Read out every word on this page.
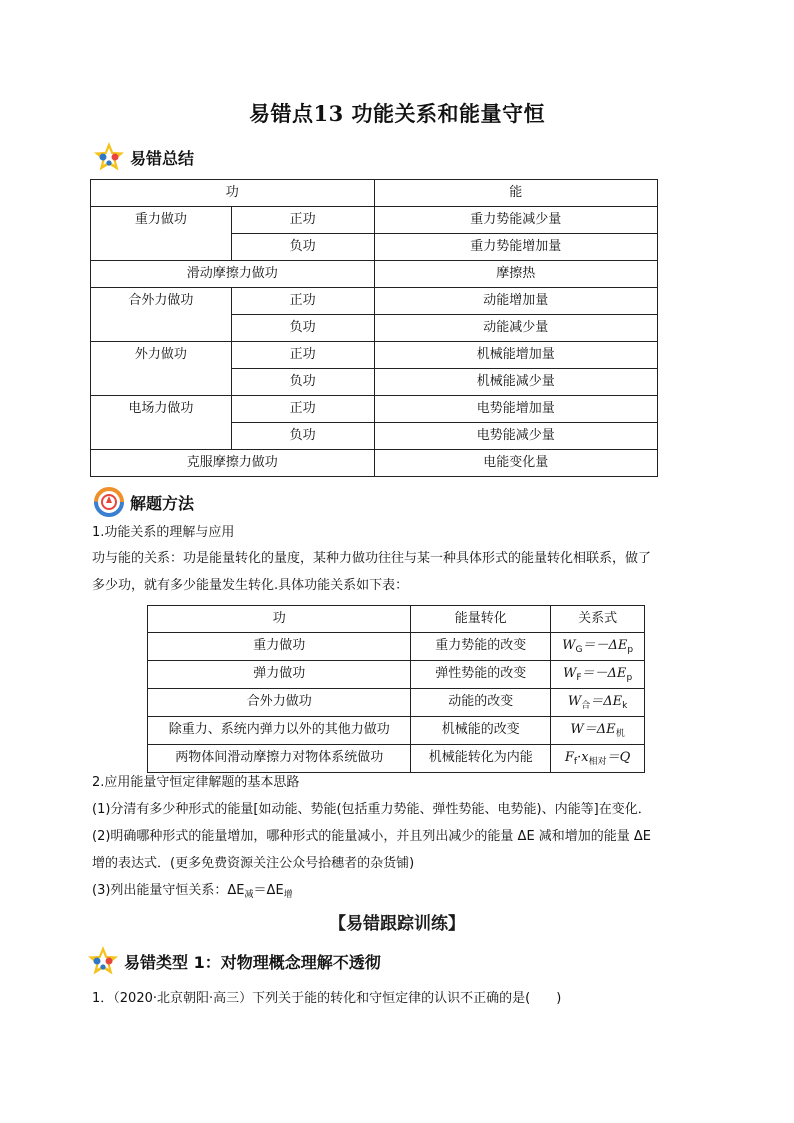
易错点13 功能关系和能量守恒
易错总结
功		能
重力做功	正功	重力势能减少量
	负功	重力势能增加量
滑动摩擦力做功		摩擦热
合外力做功	正功	动能增加量
	负功	动能减少量
外力做功	正功	机械能增加量
	负功	机械能减少量
电场力做功	正功	电势能增加量
	负功	电势能减少量
克服摩擦力做功		电能变化量
解题方法
1.功能关系的理解与应用
功与能的关系：功是能量转化的量度，某种力做功往往与某一种具体形式的能量转化相联系，做了
多少功，就有多少能量发生转化.具体功能关系如下表：
功	能量转化	关系式
重力做功	重力势能的改变	$W_G=-\Delta E_p$
弹力做功	弹性势能的改变	$W_F=-\Delta E_p$
合外力做功	动能的改变	$W_合=\Delta E_k$
除重力、系统内弹力以外的其他力做功	机械能的改变	$W=\Delta E_机$
两物体间滑动摩擦力对物体系统做功	机械能转化为内能	$F_f\cdot x_{相对}=Q$
2.应用能量守恒定律解题的基本思路
(1)分清有多少种形式的能量[如动能、势能(包括重力势能、弹性势能、电势能)、内能等]在变化．
(2)明确哪种形式的能量增加，哪种形式的能量减小，并且列出减少的能量 ΔE 减和增加的能量 ΔE
增的表达式．(更多免费资源关注公众号拾穗者的杂货铺)
(3)列出能量守恒关系：$\Delta E_减=\Delta E_增$
【易错跟踪训练】
易错类型 1：对物理概念理解不透彻
1．（2020·北京朝阳·高三）下列关于能的转化和守恒定律的认识不正确的是(　　)
